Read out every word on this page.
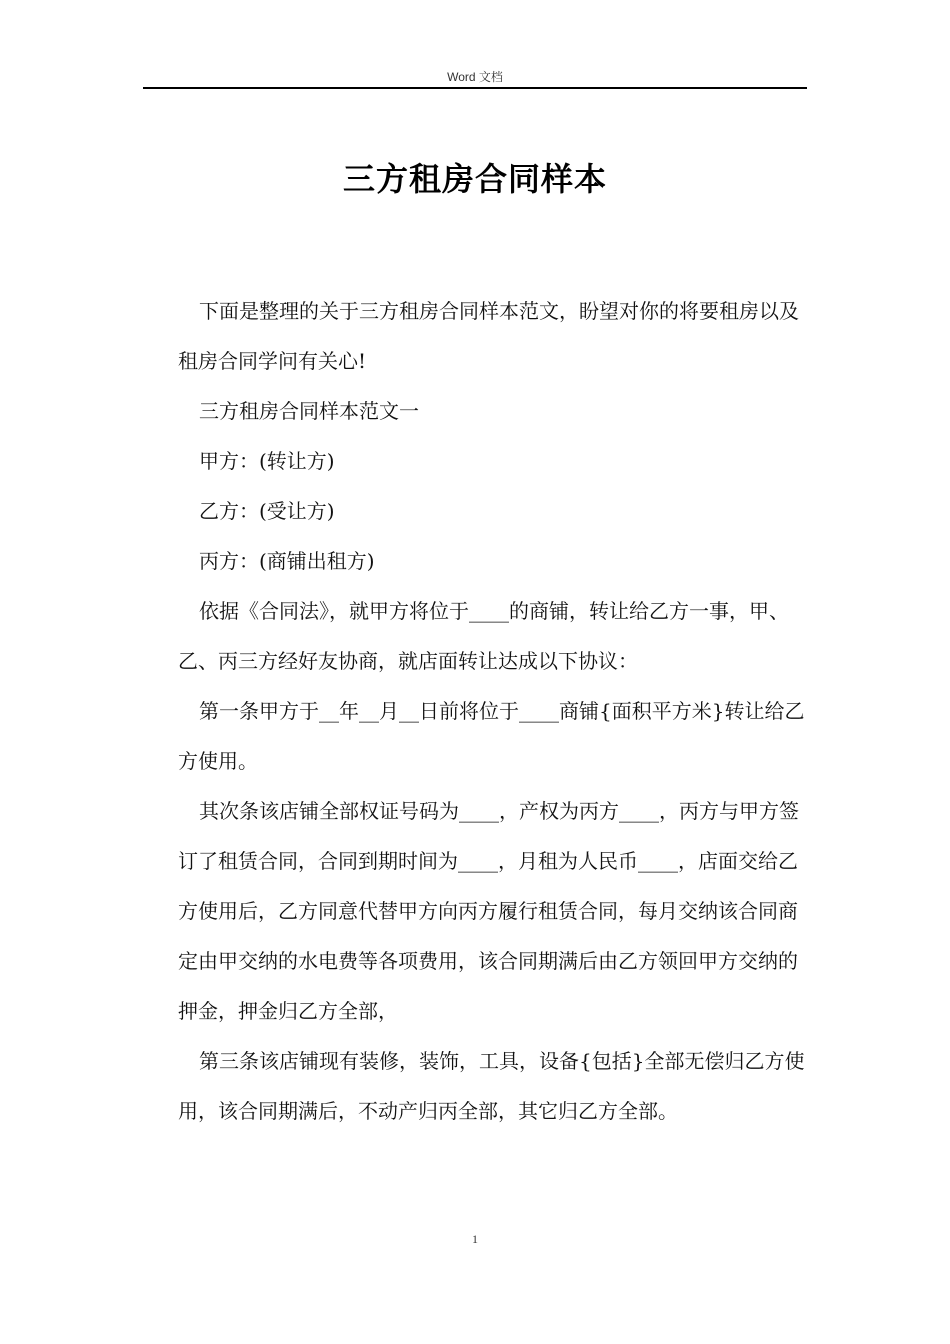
Word 文档
三方租房合同样本

下面是整理的关于三方租房合同样本范文，盼望对你的将要租房以及租房合同学问有关心!

三方租房合同样本范文一

甲方：(转让方)

乙方：(受让方)

丙方：(商铺出租方)

依据《合同法》，就甲方将位于____的商铺，转让给乙方一事，甲、乙、丙三方经好友协商，就店面转让达成以下协议：

第一条甲方于__年__月__日前将位于____商铺{面积平方米}转让给乙方使用。

其次条该店铺全部权证号码为____，产权为丙方____，丙方与甲方签订了租赁合同，合同到期时间为____，月租为人民币____，店面交给乙方使用后，乙方同意代替甲方向丙方履行租赁合同，每月交纳该合同商定由甲交纳的水电费等各项费用，该合同期满后由乙方领回甲方交纳的押金，押金归乙方全部，

第三条该店铺现有装修，装饰，工具，设备{包括}全部无偿归乙方使用，该合同期满后，不动产归丙全部，其它归乙方全部。

1
